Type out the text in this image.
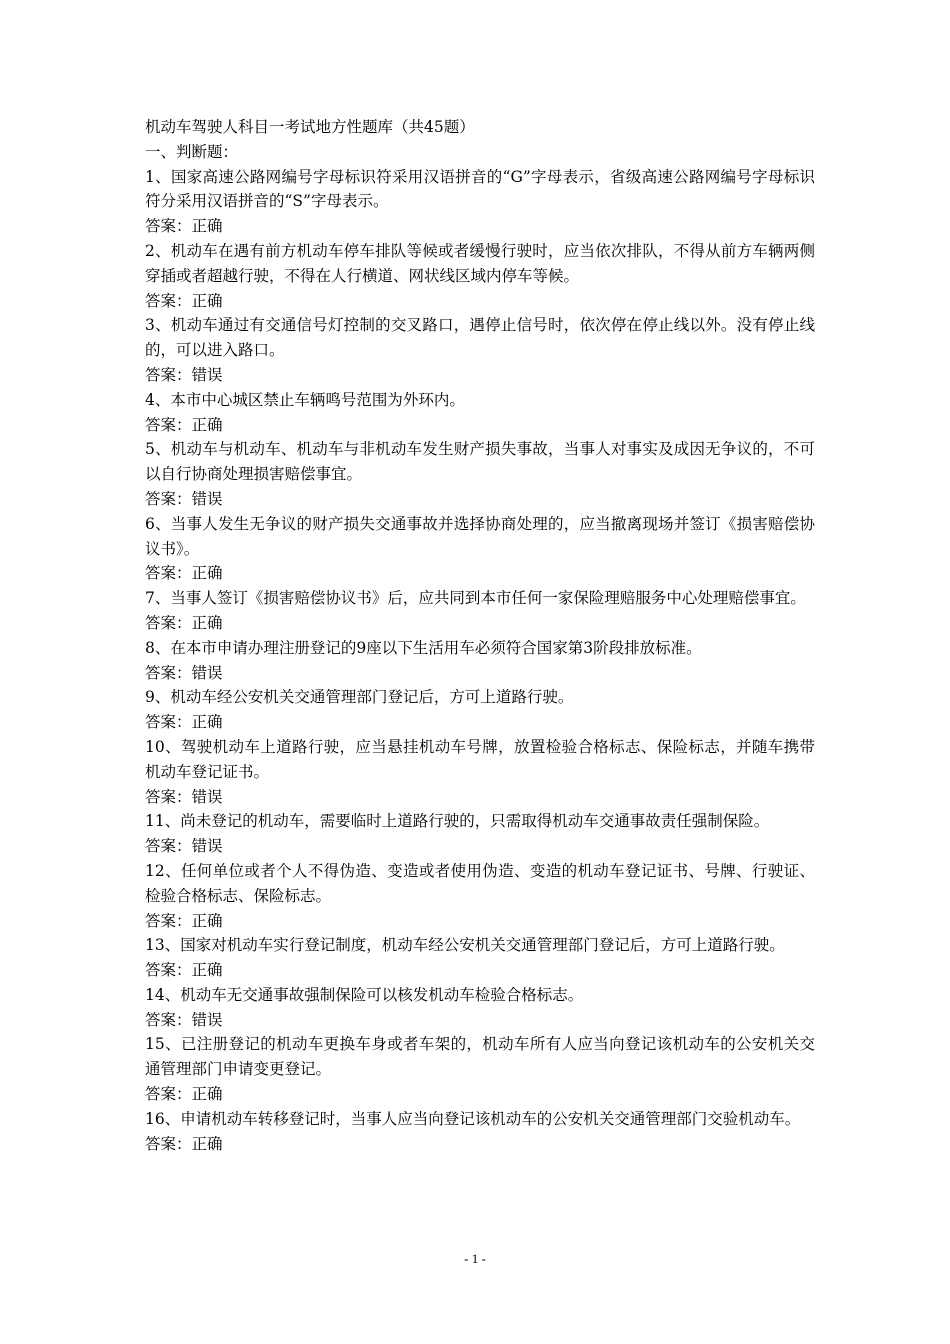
机动车驾驶人科目一考试地方性题库（共45题）
一、判断题：
1、国家高速公路网编号字母标识符采用汉语拼音的“G”字母表示，省级高速公路网编号字母标识符分采用汉语拼音的“S”字母表示。
答案：正确
2、机动车在遇有前方机动车停车排队等候或者缓慢行驶时，应当依次排队，不得从前方车辆两侧穿插或者超越行驶，不得在人行横道、网状线区域内停车等候。
答案：正确
3、机动车通过有交通信号灯控制的交叉路口，遇停止信号时，依次停在停止线以外。没有停止线的，可以进入路口。
答案：错误
4、本市中心城区禁止车辆鸣号范围为外环内。
答案：正确
5、机动车与机动车、机动车与非机动车发生财产损失事故，当事人对事实及成因无争议的，不可以自行协商处理损害赔偿事宜。
答案：错误
6、当事人发生无争议的财产损失交通事故并选择协商处理的，应当撤离现场并签订《损害赔偿协议书》。
答案：正确
7、当事人签订《损害赔偿协议书》后，应共同到本市任何一家保险理赔服务中心处理赔偿事宜。
答案：正确
8、在本市申请办理注册登记的9座以下生活用车必须符合国家第3阶段排放标准。
答案：错误
9、机动车经公安机关交通管理部门登记后，方可上道路行驶。
答案：正确
10、驾驶机动车上道路行驶，应当悬挂机动车号牌，放置检验合格标志、保险标志，并随车携带机动车登记证书。
答案：错误
11、尚未登记的机动车，需要临时上道路行驶的，只需取得机动车交通事故责任强制保险。
答案：错误
12、任何单位或者个人不得伪造、变造或者使用伪造、变造的机动车登记证书、号牌、行驶证、检验合格标志、保险标志。
答案：正确
13、国家对机动车实行登记制度，机动车经公安机关交通管理部门登记后，方可上道路行驶。
答案：正确
14、机动车无交通事故强制保险可以核发机动车检验合格标志。
答案：错误
15、已注册登记的机动车更换车身或者车架的，机动车所有人应当向登记该机动车的公安机关交通管理部门申请变更登记。
答案：正确
16、申请机动车转移登记时，当事人应当向登记该机动车的公安机关交通管理部门交验机动车。
答案：正确
- 1 -
